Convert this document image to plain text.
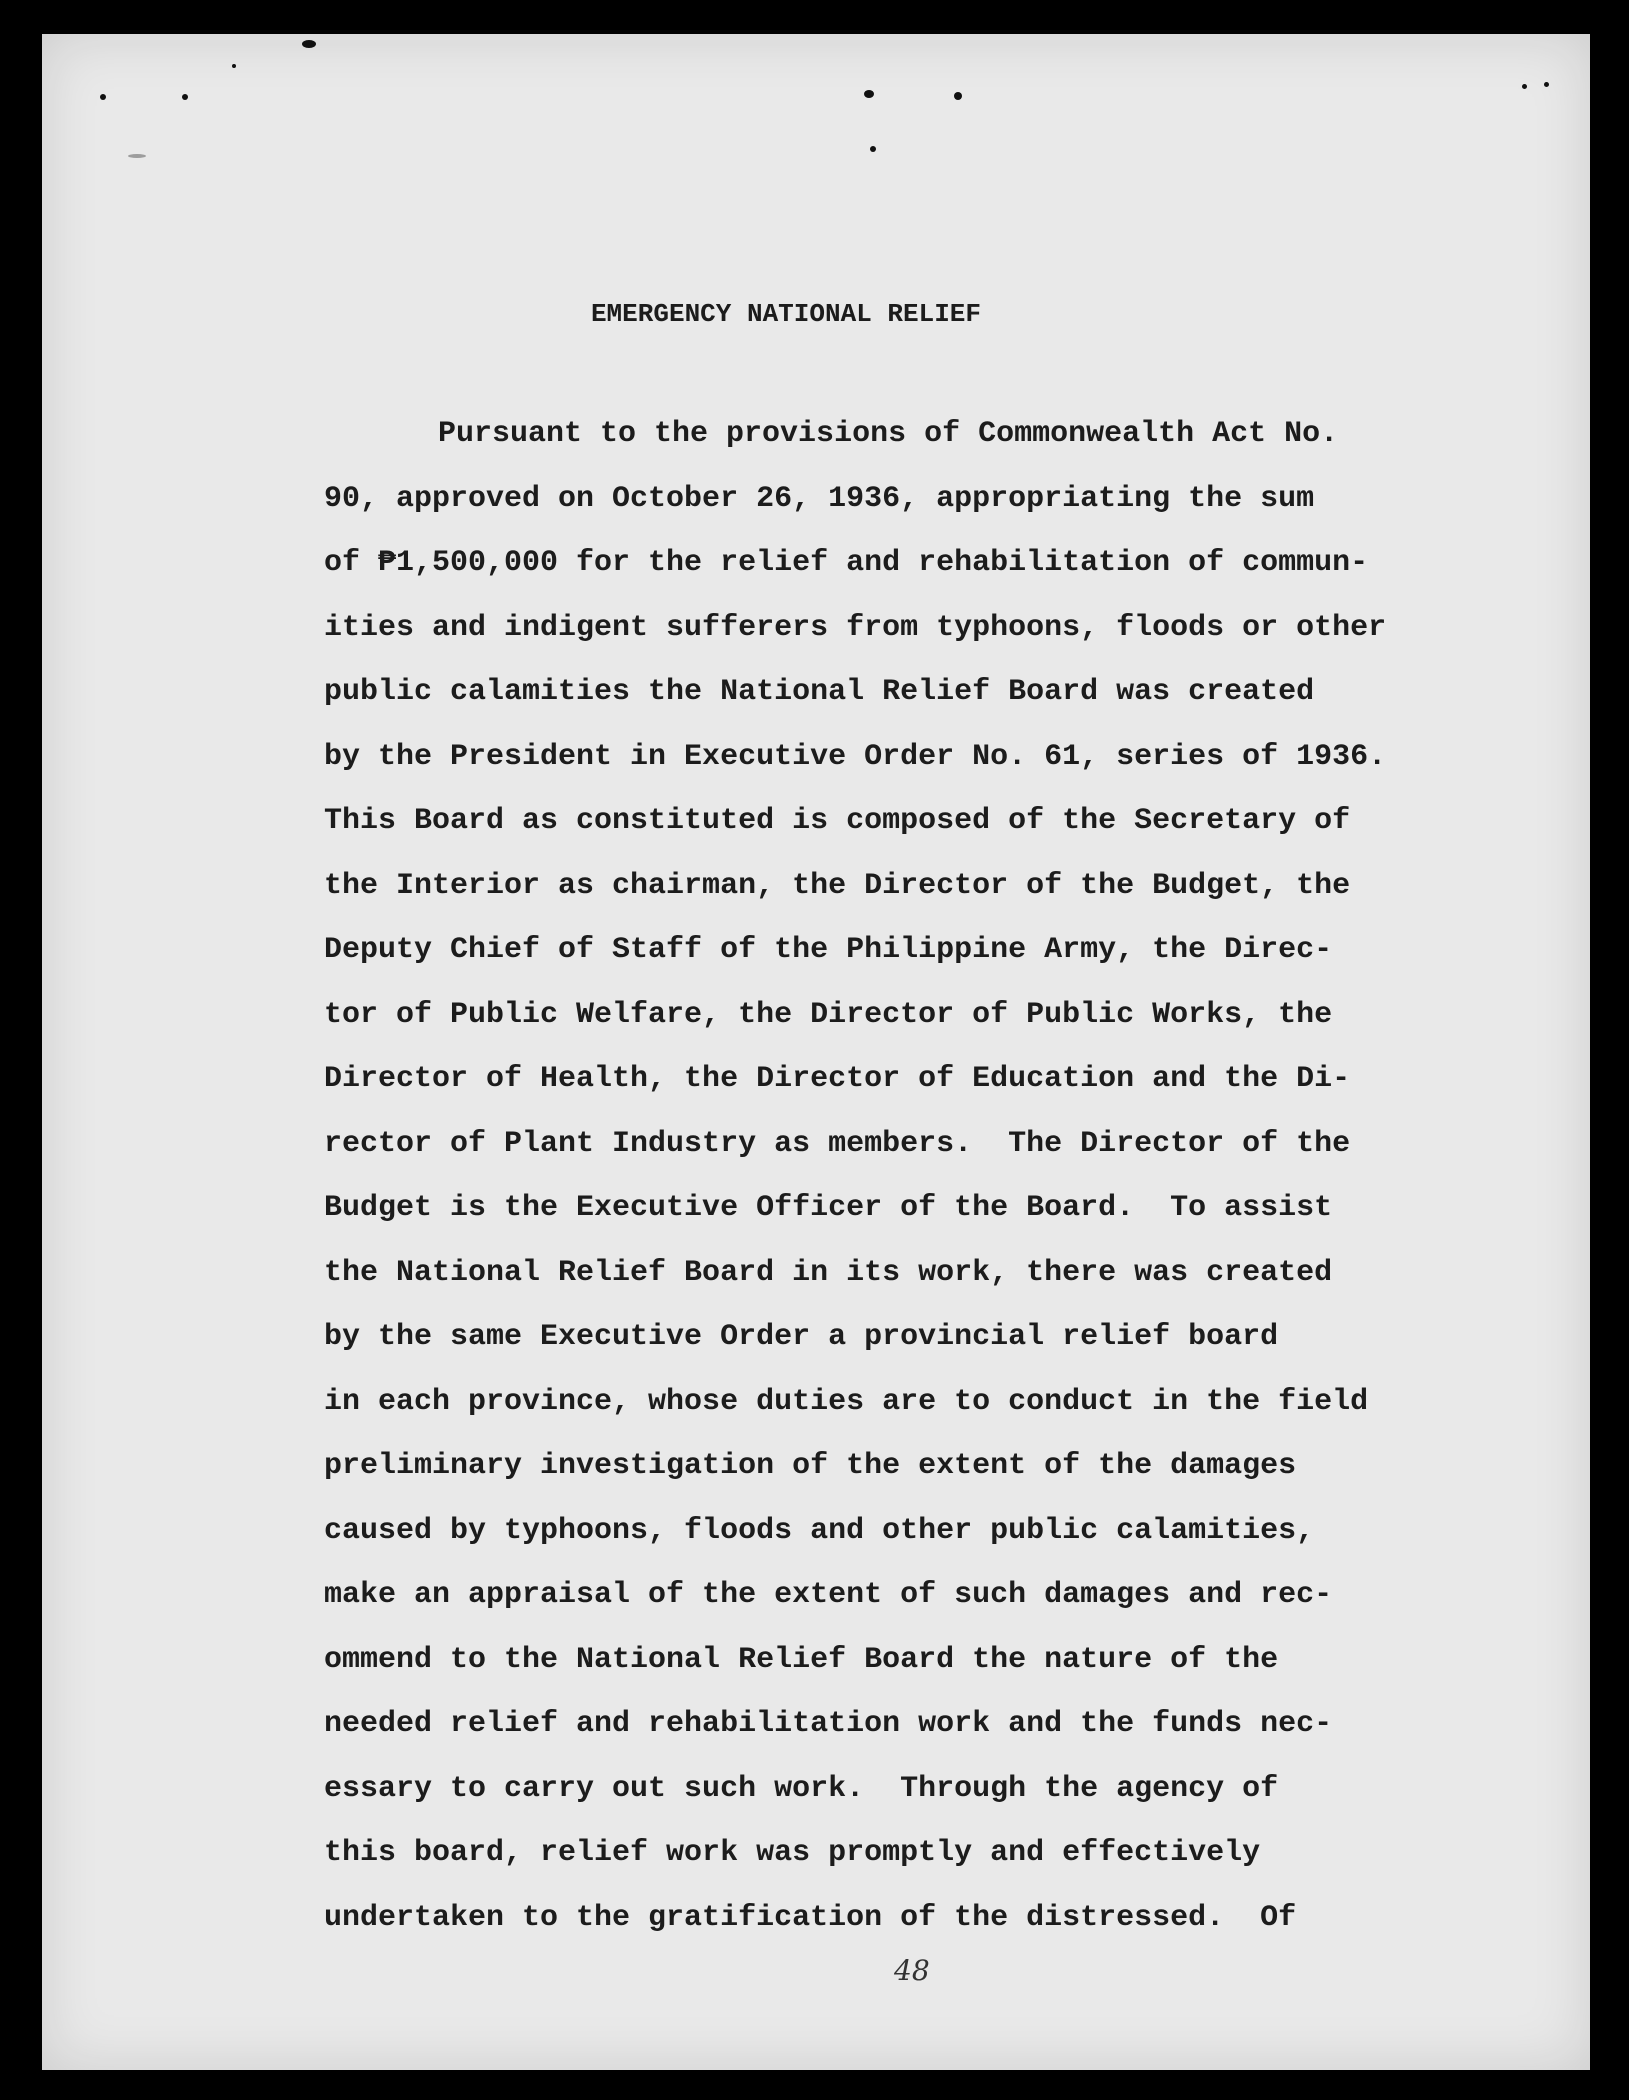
EMERGENCY NATIONAL RELIEF
Pursuant to the provisions of Commonwealth Act No.
90, approved on October 26, 1936, appropriating the sum
of ₱1,500,000 for the relief and rehabilitation of commun-
ities and indigent sufferers from typhoons, floods or other
public calamities the National Relief Board was created
by the President in Executive Order No. 61, series of 1936.
This Board as constituted is composed of the Secretary of
the Interior as chairman, the Director of the Budget, the
Deputy Chief of Staff of the Philippine Army, the Direc-
tor of Public Welfare, the Director of Public Works, the
Director of Health, the Director of Education and the Di-
rector of Plant Industry as members.  The Director of the
Budget is the Executive Officer of the Board.  To assist
the National Relief Board in its work, there was created
by the same Executive Order a provincial relief board
in each province, whose duties are to conduct in the field
preliminary investigation of the extent of the damages
caused by typhoons, floods and other public calamities,
make an appraisal of the extent of such damages and rec-
ommend to the National Relief Board the nature of the
needed relief and rehabilitation work and the funds nec-
essary to carry out such work.  Through the agency of
this board, relief work was promptly and effectively
undertaken to the gratification of the distressed.  Of
48
